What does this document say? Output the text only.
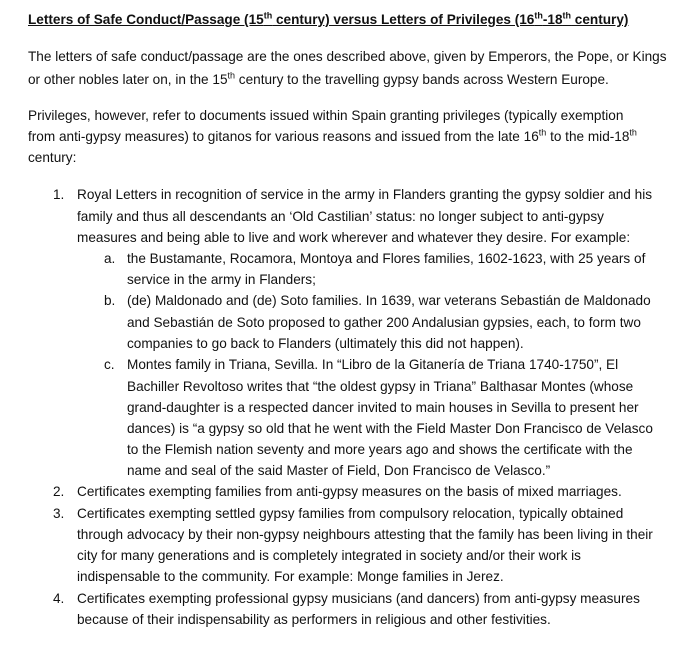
Letters of Safe Conduct/Passage (15th century) versus Letters of Privileges (16th-18th century)
The letters of safe conduct/passage are the ones described above, given by Emperors, the Pope, or Kings
or other nobles later on, in the 15th century to the travelling gypsy bands across Western Europe.
Privileges, however, refer to documents issued within Spain granting privileges (typically exemption
from anti-gypsy measures) to gitanos for various reasons and issued from the late 16th to the mid-18th
century:
1. Royal Letters in recognition of service in the army in Flanders granting the gypsy soldier and his
family and thus all descendants an ‘Old Castilian’ status: no longer subject to anti-gypsy
measures and being able to live and work wherever and whatever they desire. For example:
a. the Bustamante, Rocamora, Montoya and Flores families, 1602-1623, with 25 years of
service in the army in Flanders;
b. (de) Maldonado and (de) Soto families. In 1639, war veterans Sebastián de Maldonado
and Sebastián de Soto proposed to gather 200 Andalusian gypsies, each, to form two
companies to go back to Flanders (ultimately this did not happen).
c. Montes family in Triana, Sevilla. In “Libro de la Gitanería de Triana 1740-1750”, El
Bachiller Revoltoso writes that “the oldest gypsy in Triana” Balthasar Montes (whose
grand-daughter is a respected dancer invited to main houses in Sevilla to present her
dances) is “a gypsy so old that he went with the Field Master Don Francisco de Velasco
to the Flemish nation seventy and more years ago and shows the certificate with the
name and seal of the said Master of Field, Don Francisco de Velasco.”
2. Certificates exempting families from anti-gypsy measures on the basis of mixed marriages.
3. Certificates exempting settled gypsy families from compulsory relocation, typically obtained
through advocacy by their non-gypsy neighbours attesting that the family has been living in their
city for many generations and is completely integrated in society and/or their work is
indispensable to the community. For example: Monge families in Jerez.
4. Certificates exempting professional gypsy musicians (and dancers) from anti-gypsy measures
because of their indispensability as performers in religious and other festivities.
